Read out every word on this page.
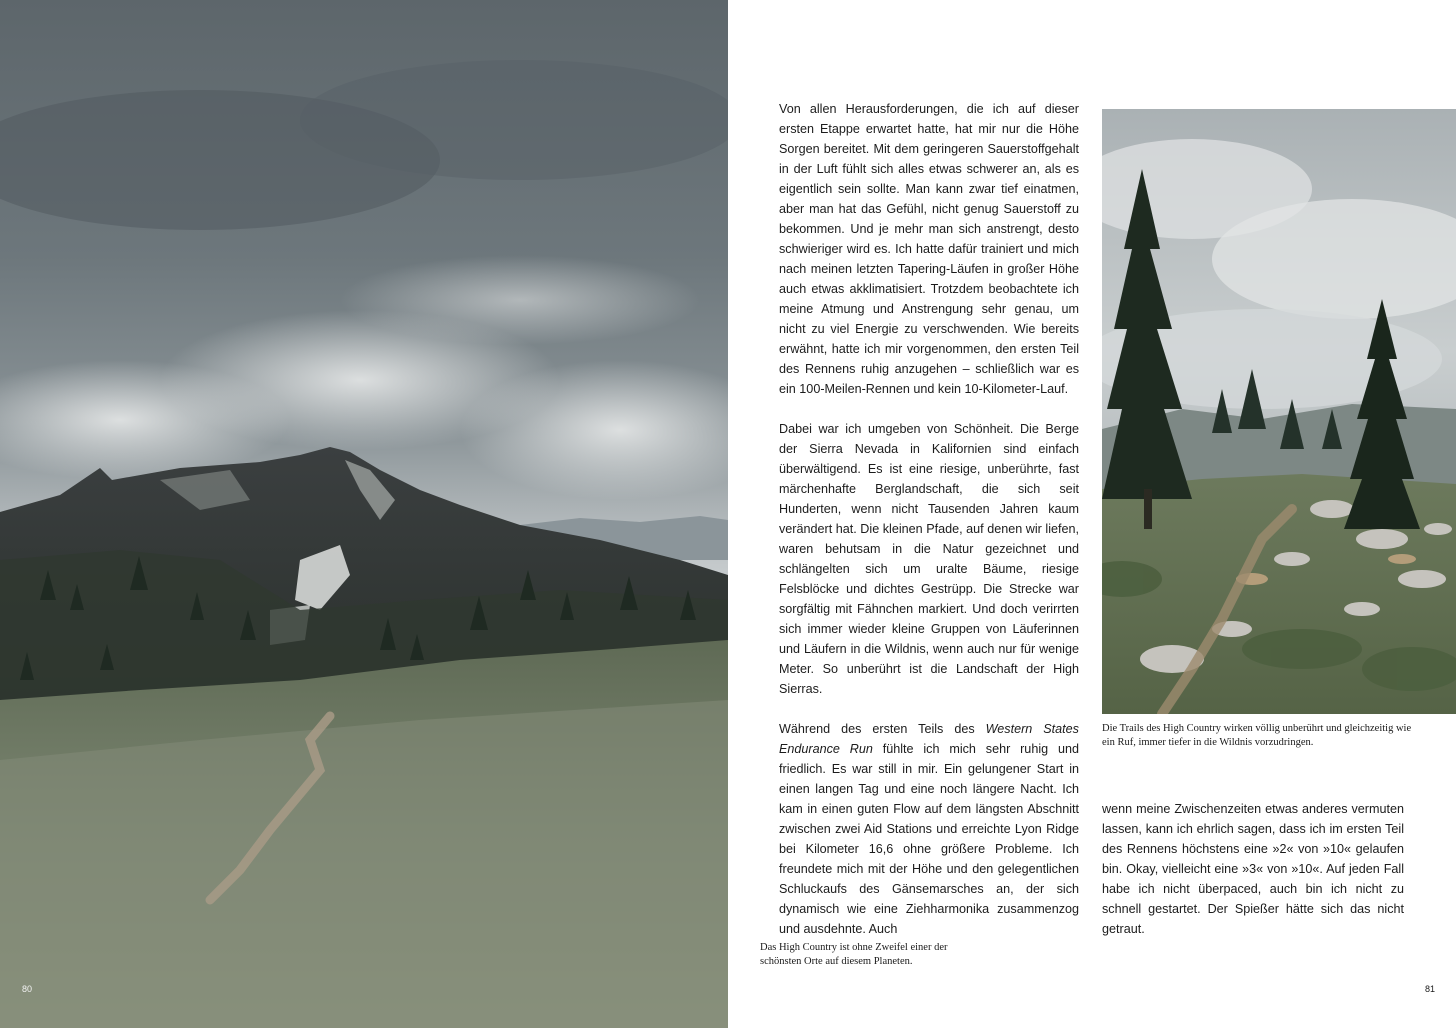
80

Von allen Herausforderungen, die ich auf dieser ersten Etappe erwartet hatte, hat mir nur die Höhe Sorgen bereitet. Mit dem geringeren Sauerstoffgehalt in der Luft fühlt sich alles etwas schwerer an, als es eigentlich sein sollte. Man kann zwar tief einatmen, aber man hat das Gefühl, nicht genug Sauerstoff zu bekommen. Und je mehr man sich anstrengt, desto schwieriger wird es. Ich hatte dafür trainiert und mich nach meinen letzten Tapering-Läufen in großer Höhe auch etwas akklimatisiert. Trotzdem beobachtete ich meine Atmung und Anstrengung sehr genau, um nicht zu viel Energie zu verschwenden. Wie bereits erwähnt, hatte ich mir vorgenommen, den ersten Teil des Rennens ruhig anzugehen – schließlich war es ein 100-Meilen-Rennen und kein 10-Kilometer-Lauf.

Dabei war ich umgeben von Schönheit. Die Berge der Sierra Nevada in Kalifornien sind einfach überwältigend. Es ist eine riesige, unberührte, fast märchenhafte Berglandschaft, die sich seit Hunderten, wenn nicht Tausenden Jahren kaum verändert hat. Die kleinen Pfade, auf denen wir liefen, waren behutsam in die Natur gezeichnet und schlängelten sich um uralte Bäume, riesige Felsblöcke und dichtes Gestrüpp. Die Strecke war sorgfältig mit Fähnchen markiert. Und doch verirrten sich immer wieder kleine Gruppen von Läuferinnen und Läufern in die Wildnis, wenn auch nur für wenige Meter. So unberührt ist die Landschaft der High Sierras.

Während des ersten Teils des Western States Endurance Run fühlte ich mich sehr ruhig und friedlich. Es war still in mir. Ein gelungener Start in einen langen Tag und eine noch längere Nacht. Ich kam in einen guten Flow auf dem längsten Abschnitt zwischen zwei Aid Stations und erreichte Lyon Ridge bei Kilometer 16,6 ohne größere Probleme. Ich freundete mich mit der Höhe und den gelegentlichen Schluckaufs des Gänsemarsches an, der sich dynamisch wie eine Ziehharmonika zusammenzog und ausdehnte. Auch

Die Trails des High Country wirken völlig unberührt und gleichzeitig wie ein Ruf, immer tiefer in die Wildnis vorzudringen.

wenn meine Zwischenzeiten etwas anderes vermuten lassen, kann ich ehrlich sagen, dass ich im ersten Teil des Rennens höchstens eine »2« von »10« gelaufen bin. Okay, vielleicht eine »3« von »10«. Auf jeden Fall habe ich nicht überpaced, auch bin ich nicht zu schnell gestartet. Der Spießer hätte sich das nicht getraut.

Das High Country ist ohne Zweifel einer der schönsten Orte auf diesem Planeten.
81
